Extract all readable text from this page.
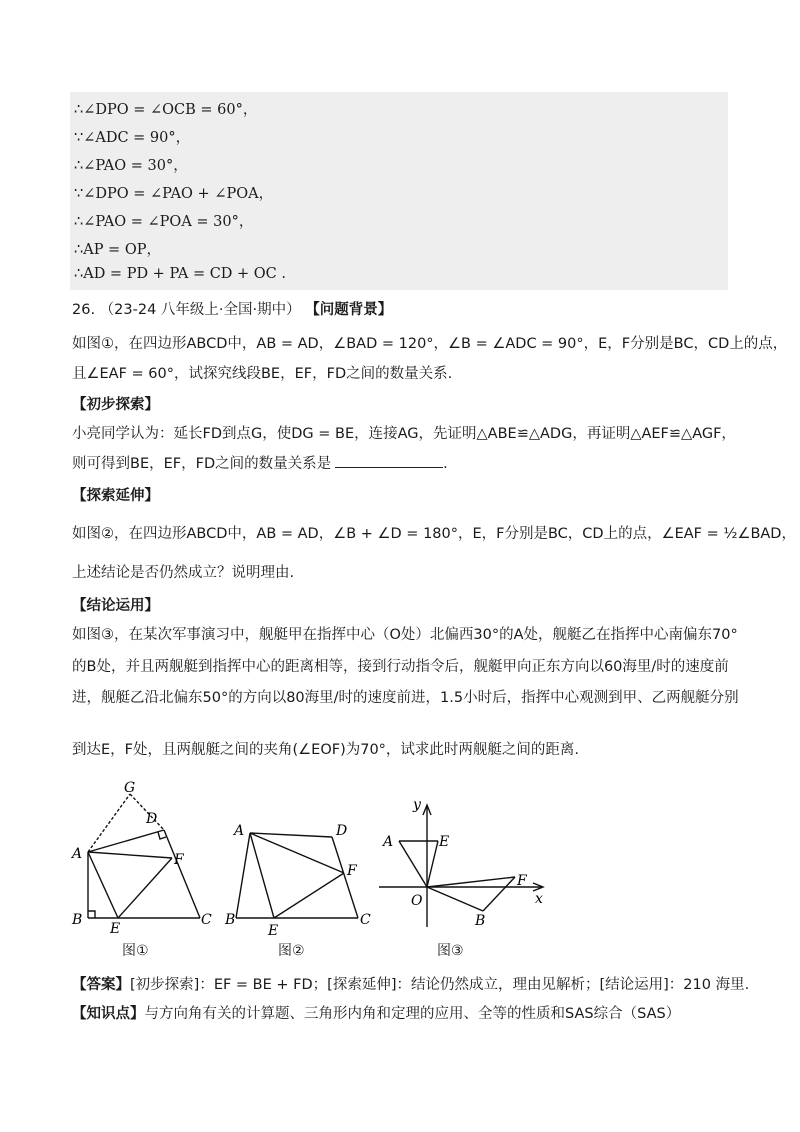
∴∠DPO = ∠OCB = 60°，
∵∠ADC = 90°，
∴∠PAO = 30°，
∵∠DPO = ∠PAO + ∠POA，
∴∠PAO = ∠POA = 30°，
∴AP = OP，
∴AD = PD + PA = CD + OC .
26. （23-24 八年级上·全国·期中） 【问题背景】
如图①，在四边形ABCD中，AB = AD，∠BAD = 120°，∠B = ∠ADC = 90°，E，F分别是BC，CD上的点，
且∠EAF = 60°，试探究线段BE，EF，FD之间的数量关系.
【初步探索】
小亮同学认为：延长FD到点G，使DG = BE，连接AG，先证明△ABE≌△ADG，再证明△AEF≌△AGF，
则可得到BE，EF，FD之间的数量关系是	.
【探索延伸】
如图②，在四边形ABCD中，AB = AD，∠B + ∠D = 180°，E，F分别是BC，CD上的点，∠EAF = ½∠BAD，
上述结论是否仍然成立？说明理由.
【结论运用】
如图③，在某次军事演习中，舰艇甲在指挥中心（O处）北偏西30°的A处，舰艇乙在指挥中心南偏东70°
的B处，并且两舰艇到指挥中心的距离相等，接到行动指令后，舰艇甲向正东方向以60海里/时的速度前
进，舰艇乙沿北偏东50°的方向以80海里/时的速度前进，1.5小时后，指挥中心观测到甲、乙两舰艇分别
到达E，F处，且两舰艇之间的夹角(∠EOF)为70°，试求此时两舰艇之间的距离.
G
D
A	F
B
E
C
图①
A	D
F
B
E
C
图②
y
A	E
F
O
B
x
图③
【答案】[初步探索]：EF = BE + FD；[探索延伸]：结论仍然成立，理由见解析；[结论运用]：210 海里.
【知识点】与方向角有关的计算题、三角形内角和定理的应用、全等的性质和SAS综合（SAS）
